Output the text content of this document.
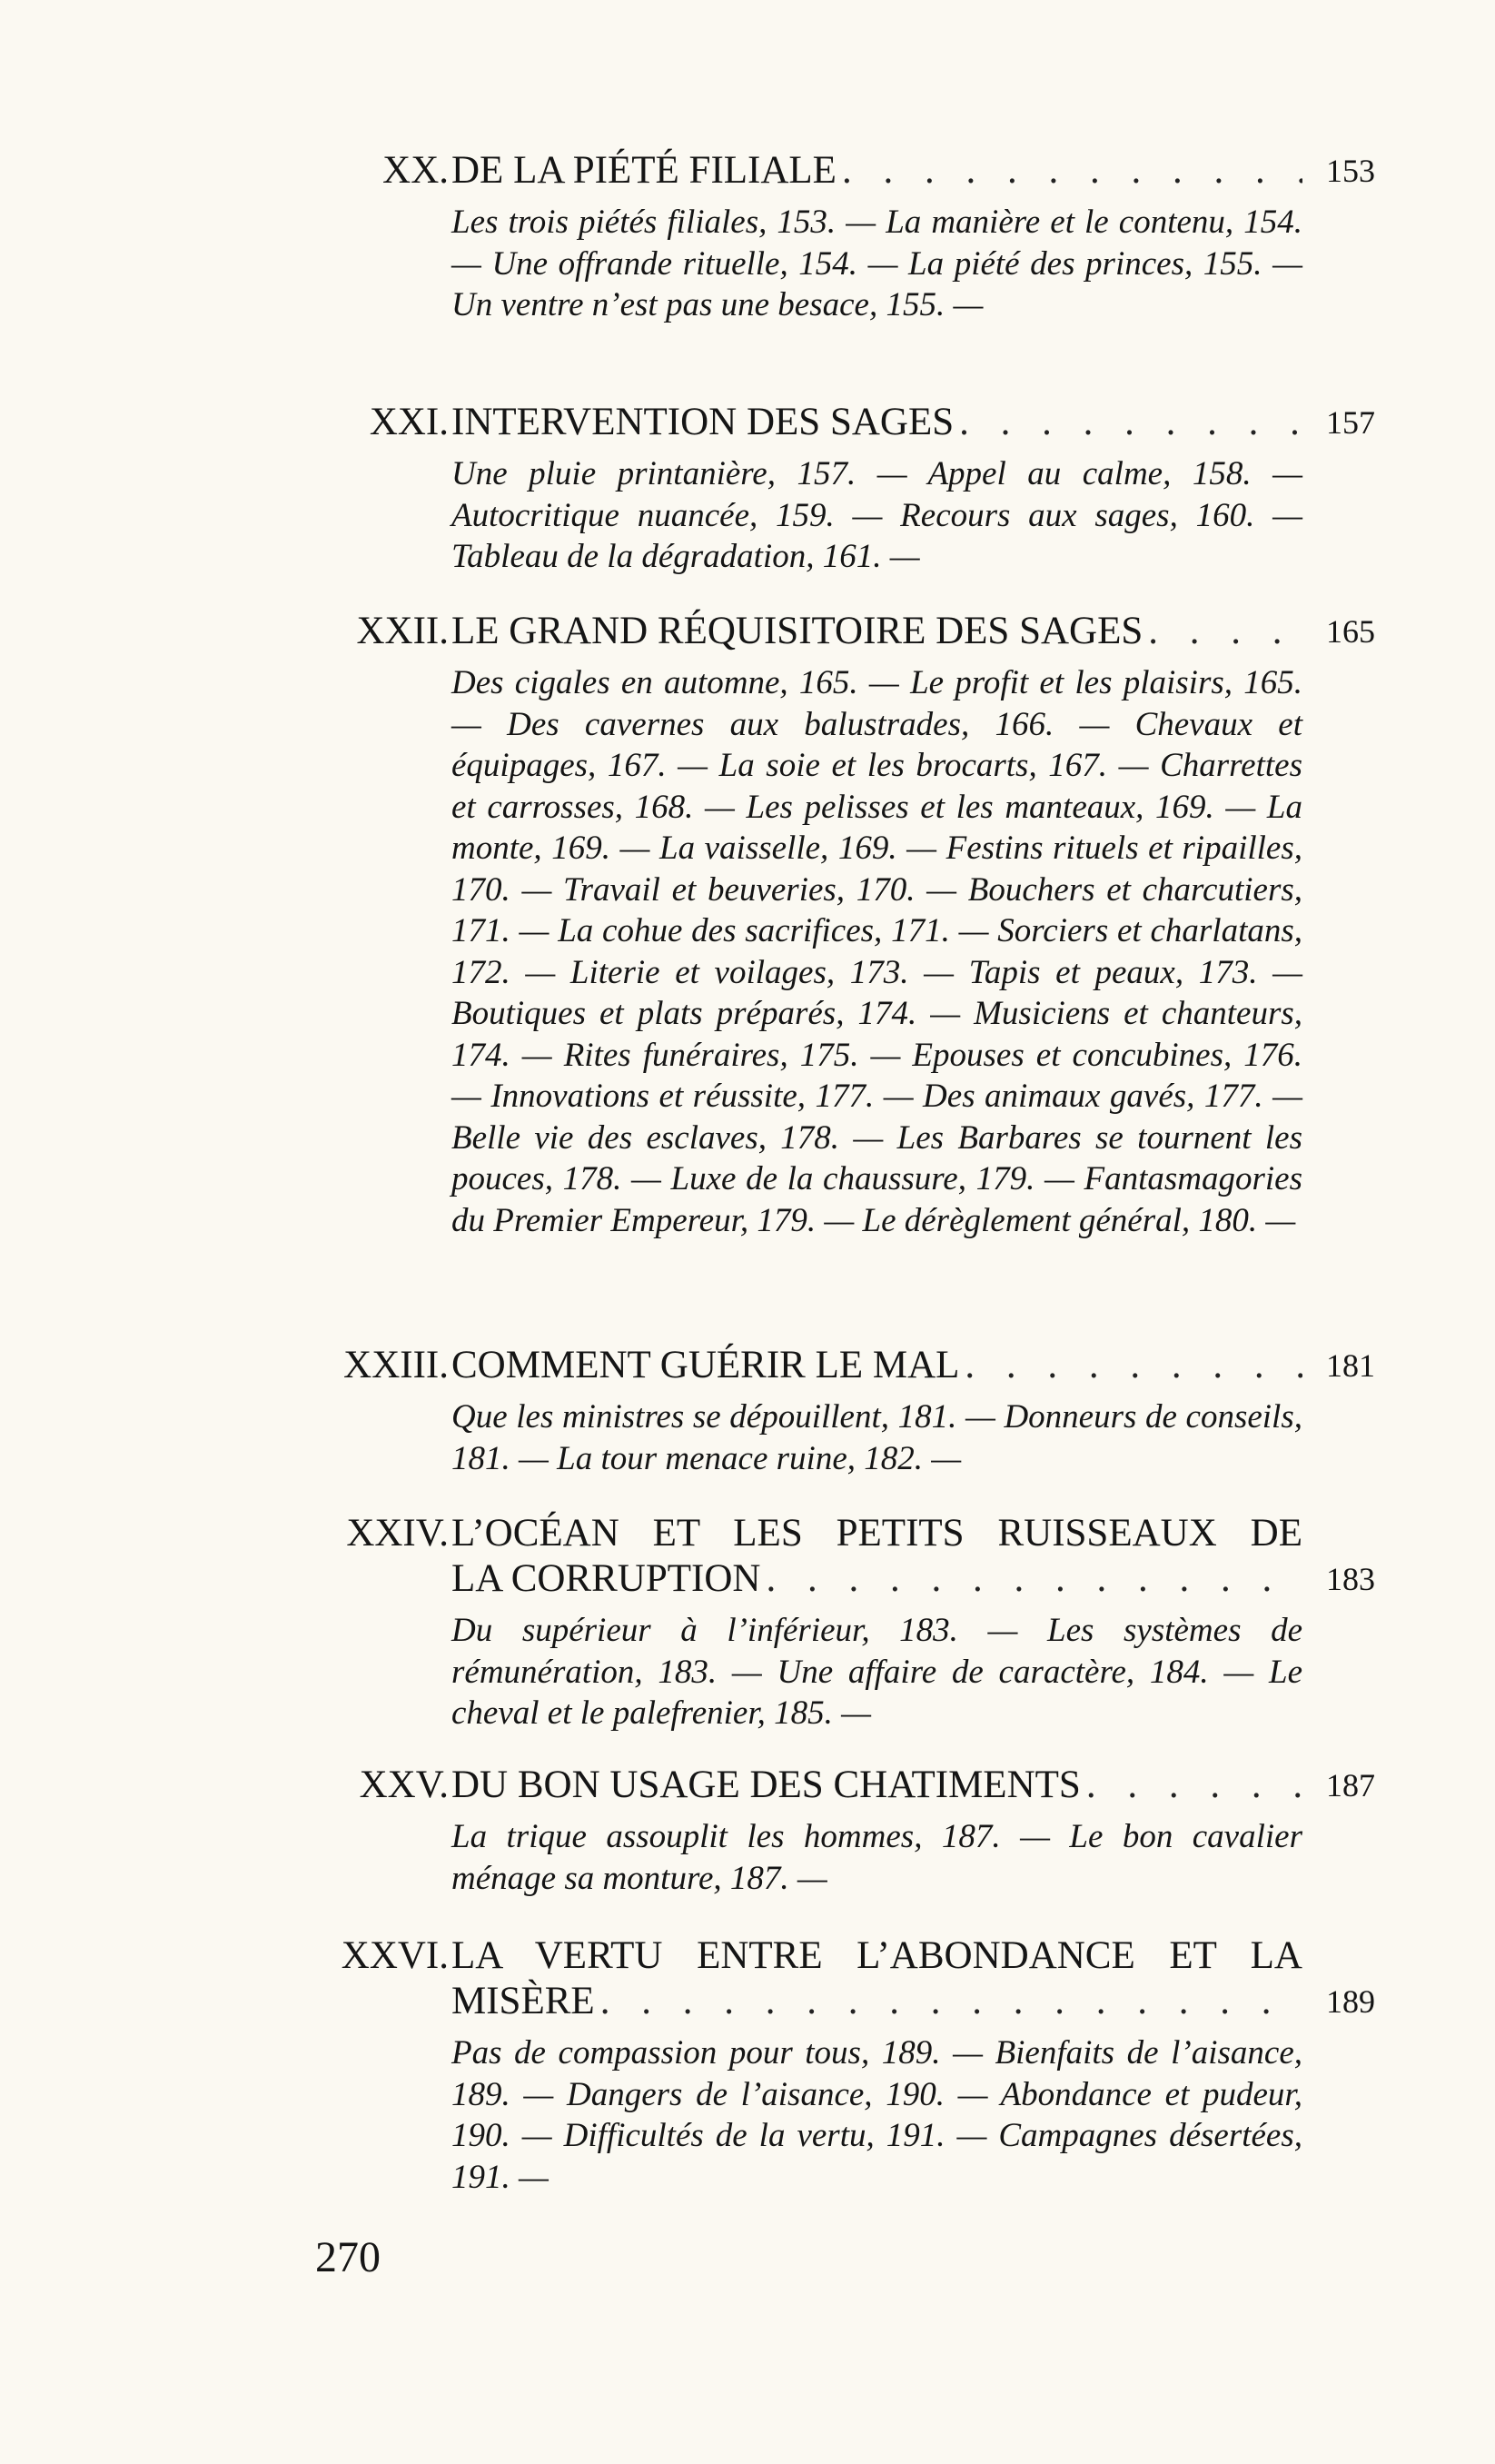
XX. DE LA PIÉTÉ FILIALE . . .	153
Les trois piétés filiales, 153. — La manière et le contenu, 154. — Une offrande rituelle, 154. — La piété des princes, 155. — Un ventre n’est pas une besace, 155. —
XXI. INTERVENTION DES SAGES . . .	157
Une pluie printanière, 157. — Appel au calme, 158. — Autocritique nuancée, 159. — Recours aux sages, 160. — Tableau de la dégradation, 161. —
XXII. LE GRAND RÉQUISITOIRE DES SAGES . . .	165
Des cigales en automne, 165. — Le profit et les plaisirs, 165. — Des cavernes aux balustrades, 166. — Chevaux et équipages, 167. — La soie et les brocarts, 167. — Charrettes et carrosses, 168. — Les pelisses et les manteaux, 169. — La monte, 169. — La vaisselle, 169. — Festins rituels et ripailles, 170. — Travail et beuveries, 170. — Bouchers et charcutiers, 171. — La cohue des sacrifices, 171. — Sorciers et charlatans, 172. — Literie et voilages, 173. — Tapis et peaux, 173. — Boutiques et plats préparés, 174. — Musiciens et chanteurs, 174. — Rites funéraires, 175. — Epouses et concubines, 176. — Innovations et réussite, 177. — Des animaux gavés, 177. — Belle vie des esclaves, 178. — Les Barbares se tournent les pouces, 178. — Luxe de la chaussure, 179. — Fantasmagories du Premier Empereur, 179. — Le dérèglement général, 180. —
XXIII. COMMENT GUÉRIR LE MAL . . .	181
Que les ministres se dépouillent, 181. — Donneurs de conseils, 181. — La tour menace ruine, 182. —
XXIV. L’OCÉAN ET LES PETITS RUISSEAUX DE
LA CORRUPTION . . .	183
Du supérieur à l’inférieur, 183. — Les systèmes de rémunération, 183. — Une affaire de caractère, 184. — Le cheval et le palefrenier, 185. —
XXV. DU BON USAGE DES CHATIMENTS . . .	187
La trique assouplit les hommes, 187. — Le bon cavalier ménage sa monture, 187. —
XXVI. LA VERTU ENTRE L’ABONDANCE ET LA
MISÈRE . . .	189
Pas de compassion pour tous, 189. — Bienfaits de l’aisance, 189. — Dangers de l’aisance, 190. — Abondance et pudeur, 190. — Difficultés de la vertu, 191. — Campagnes désertées, 191. —
270
